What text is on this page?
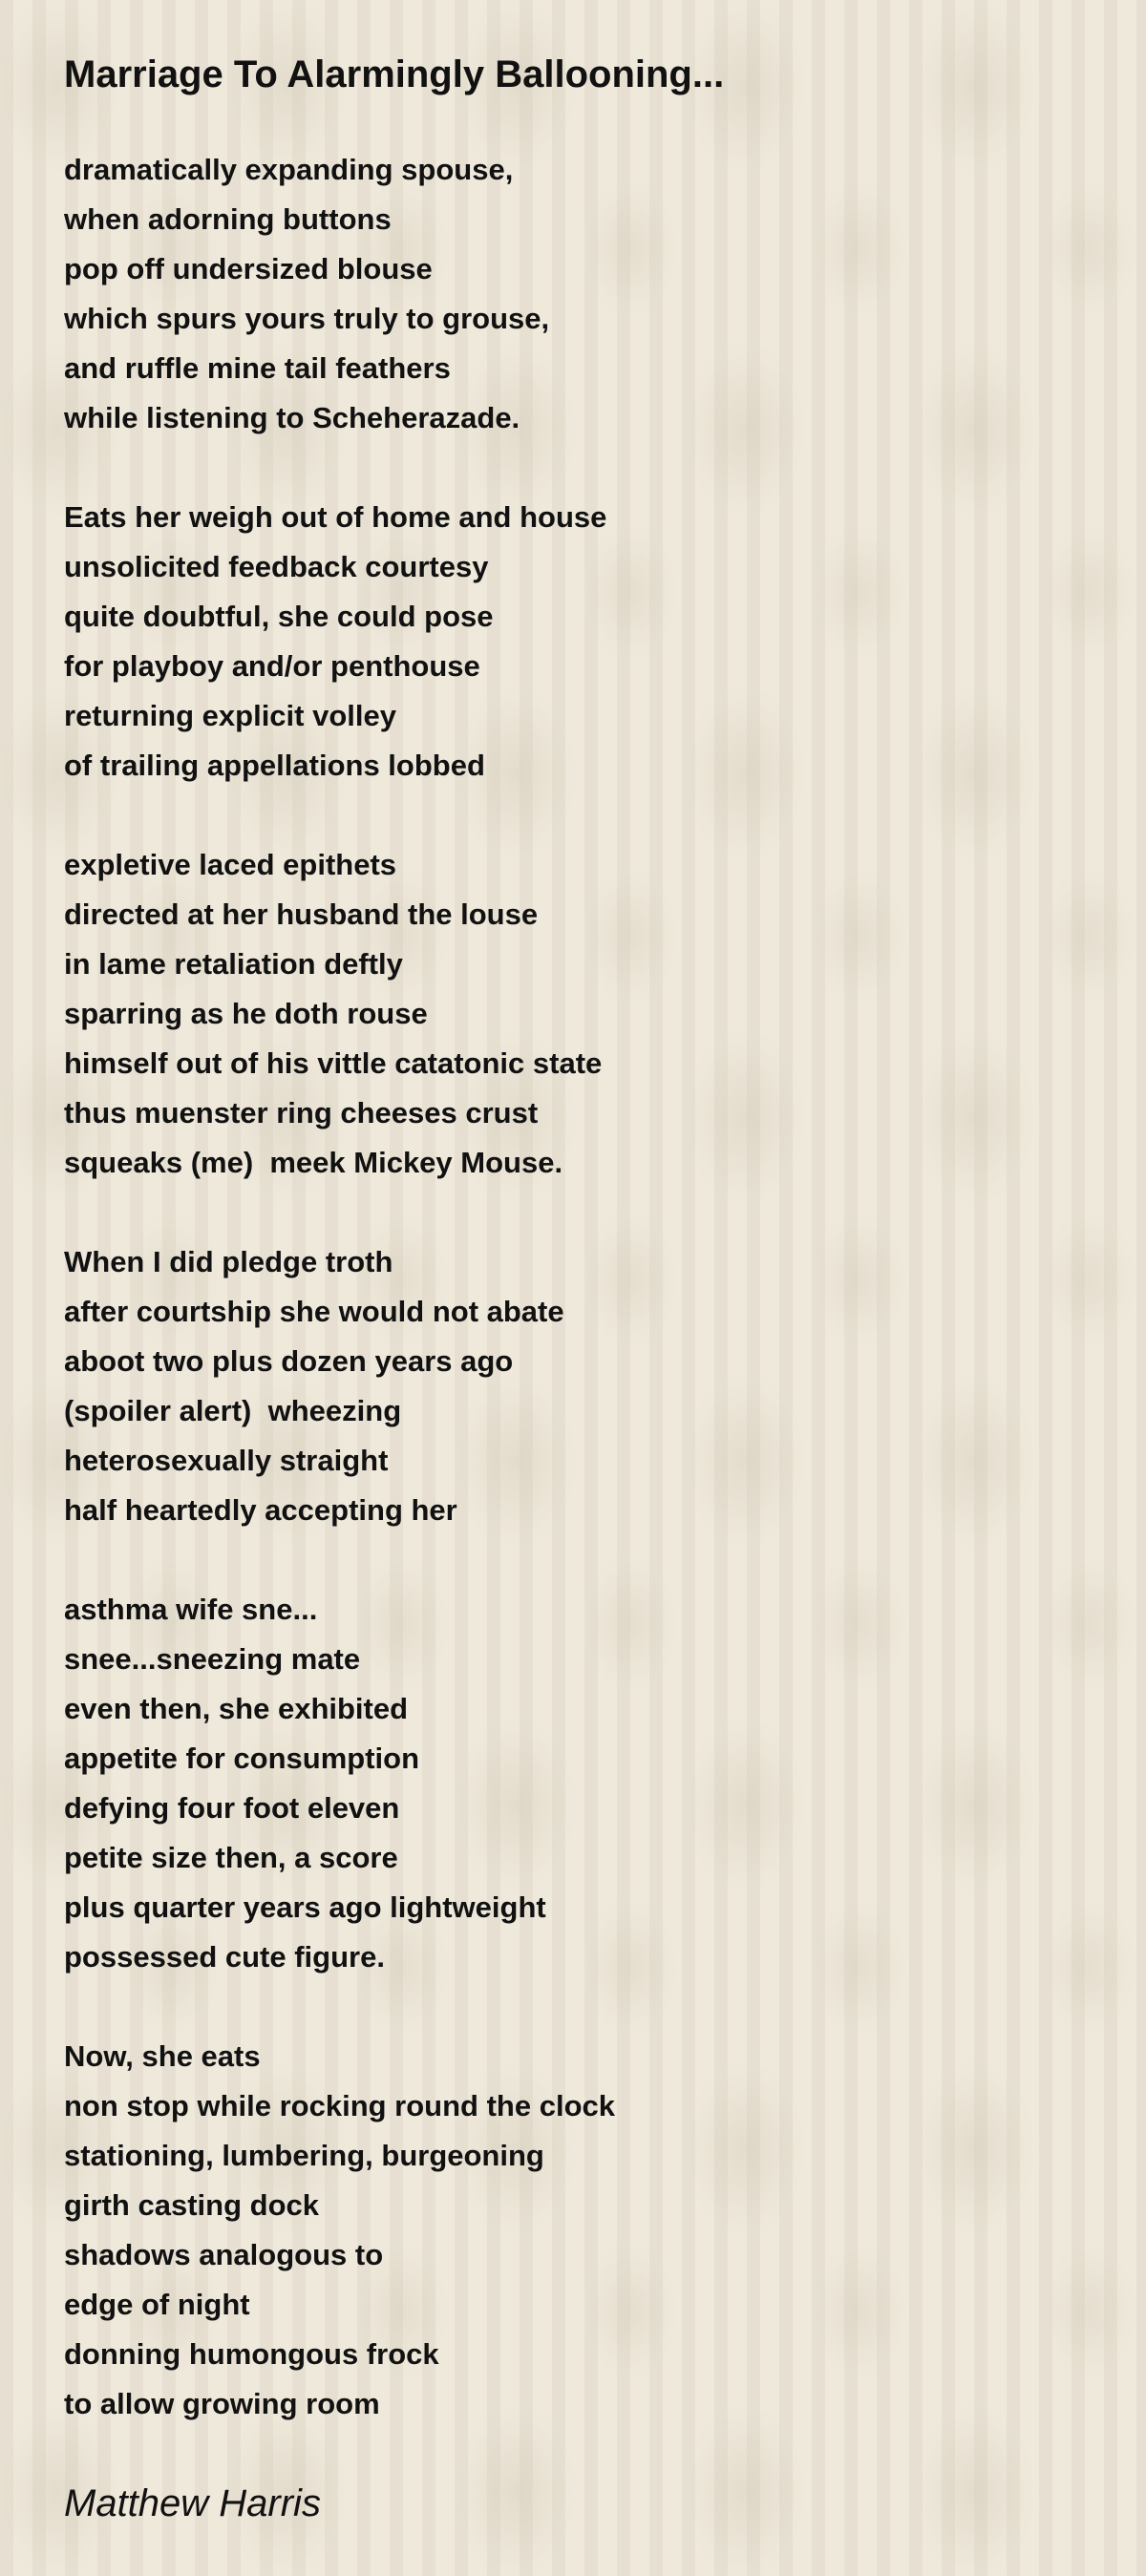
Marriage To Alarmingly Ballooning...
dramatically expanding spouse,
when adorning buttons
pop off undersized blouse
which spurs yours truly to grouse,
and ruffle mine tail feathers
while listening to Scheherazade.
Eats her weigh out of home and house
unsolicited feedback courtesy
quite doubtful, she could pose
for playboy and/or penthouse
returning explicit volley
of trailing appellations lobbed
expletive laced epithets
directed at her husband the louse
in lame retaliation deftly
sparring as he doth rouse
himself out of his vittle catatonic state
thus muenster ring cheeses crust
squeaks (me)  meek Mickey Mouse.
When I did pledge troth
after courtship she would not abate
aboot two plus dozen years ago
(spoiler alert)  wheezing
heterosexually straight
half heartedly accepting her
asthma wife sne...
snee...sneezing mate
even then, she exhibited
appetite for consumption
defying four foot eleven
petite size then, a score
plus quarter years ago lightweight
possessed cute figure.
Now, she eats
non stop while rocking round the clock
stationing, lumbering, burgeoning
girth casting dock
shadows analogous to
edge of night
donning humongous frock
to allow growing room
Matthew Harris
